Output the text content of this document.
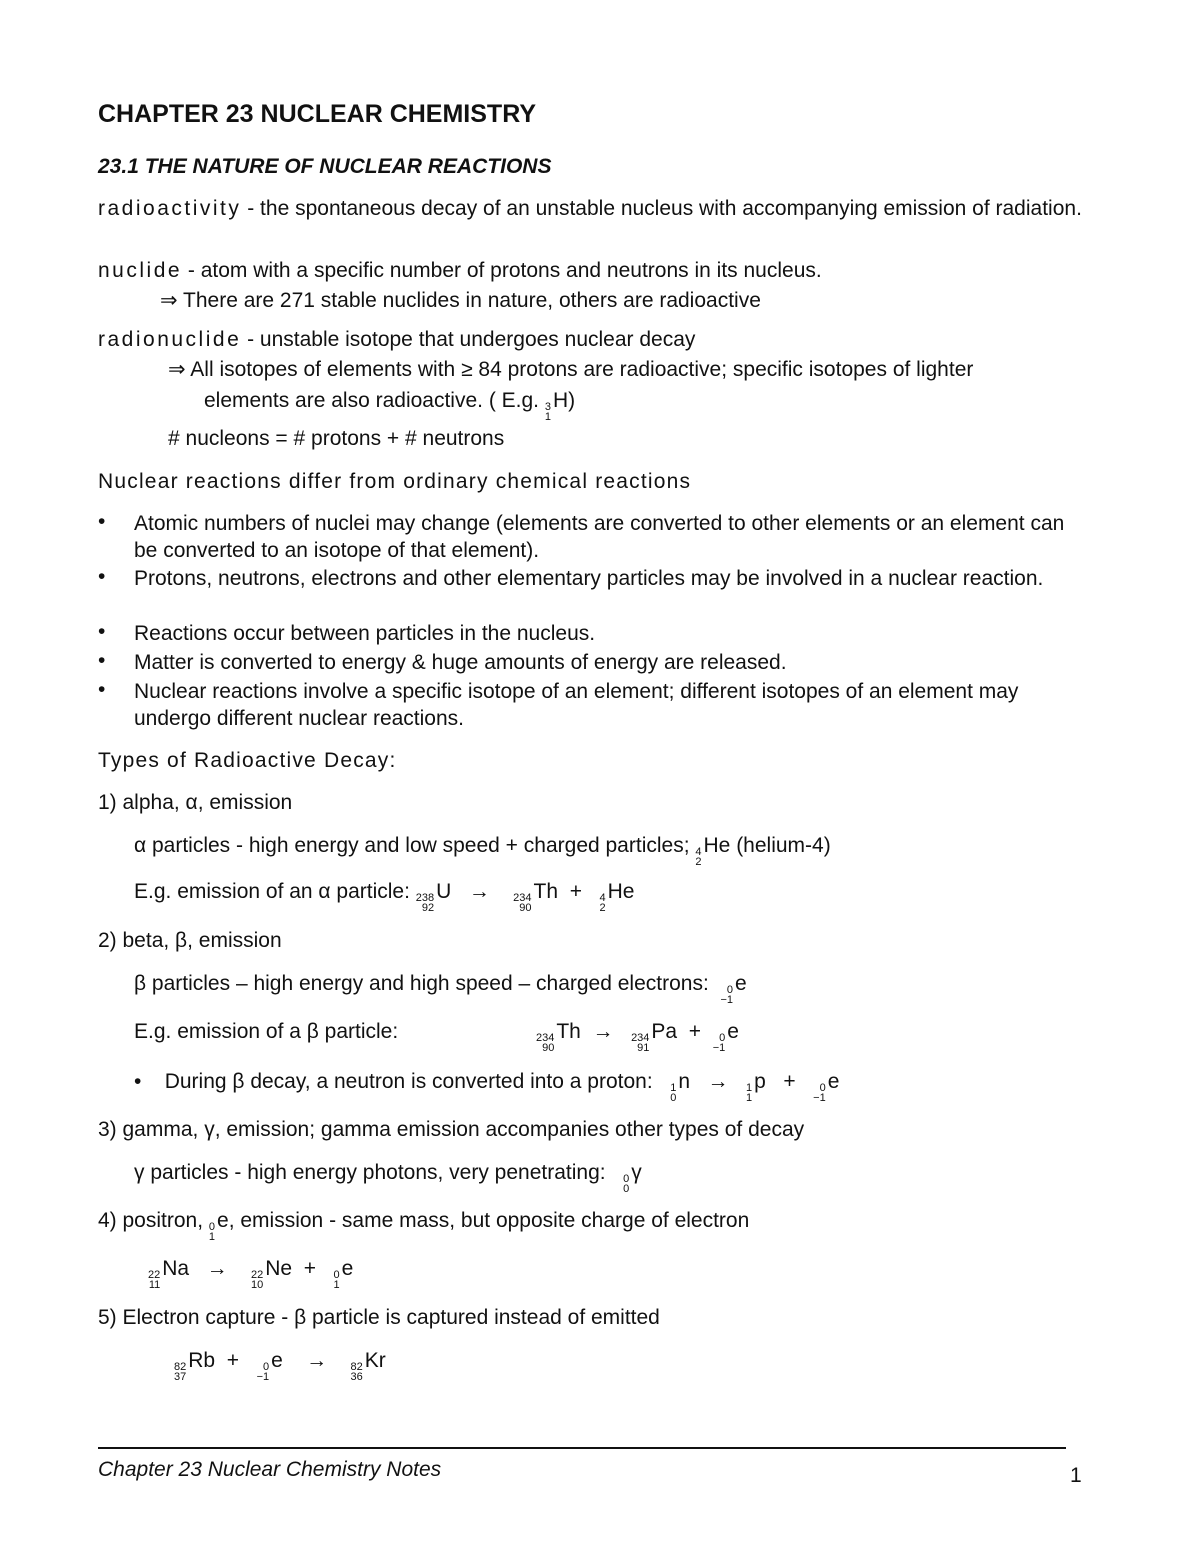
CHAPTER 23 NUCLEAR CHEMISTRY
23.1 THE NATURE OF NUCLEAR REACTIONS
radioactivity - the spontaneous decay of an unstable nucleus with accompanying emission of radiation.
nuclide - atom with a specific number of protons and neutrons in its nucleus.
⇒ There are 271 stable nuclides in nature, others are radioactive
radionuclide - unstable isotope that undergoes nuclear decay
⇒ All isotopes of elements with ≥ 84 protons are radioactive; specific isotopes of lighter
elements are also radioactive. ( E.g. 3
1
H)
# nucleons = # protons + # neutrons
Nuclear reactions differ from ordinary chemical reactions
• Atomic numbers of nuclei may change (elements are converted to other elements or an element can be converted to an isotope of that element).
• Protons, neutrons, electrons and other elementary particles may be involved in a nuclear reaction.
• Reactions occur between particles in the nucleus.
• Matter is converted to energy & huge amounts of energy are released.
• Nuclear reactions involve a specific isotope of an element; different isotopes of an element may undergo different nuclear reactions.
Types of Radioactive Decay:
1) alpha, α, emission
α particles - high energy and low speed + charged particles; 4
2
He (helium-4)
E.g. emission of an α particle: 238
92
U → 234
90
Th + 4
2
He
2) beta, β, emission
β particles – high energy and high speed – charged electrons: 0
−1
e
E.g. emission of a β particle:	234
90
Th → 234
91
Pa + 0
−1
e
• During β decay, a neutron is converted into a proton: 1
0
n → 1
1
p + 0
−1
e
3) gamma, γ, emission; gamma emission accompanies other types of decay
γ particles - high energy photons, very penetrating: 0
0
γ
4) positron, 0
1
e, emission - same mass, but opposite charge of electron
22
11
Na → 22
10
Ne + 0
1
e
5) Electron capture - β particle is captured instead of emitted
82
37
Rb + 0
−1
e → 82
36
Kr
Chapter 23 Nuclear Chemistry Notes	1
